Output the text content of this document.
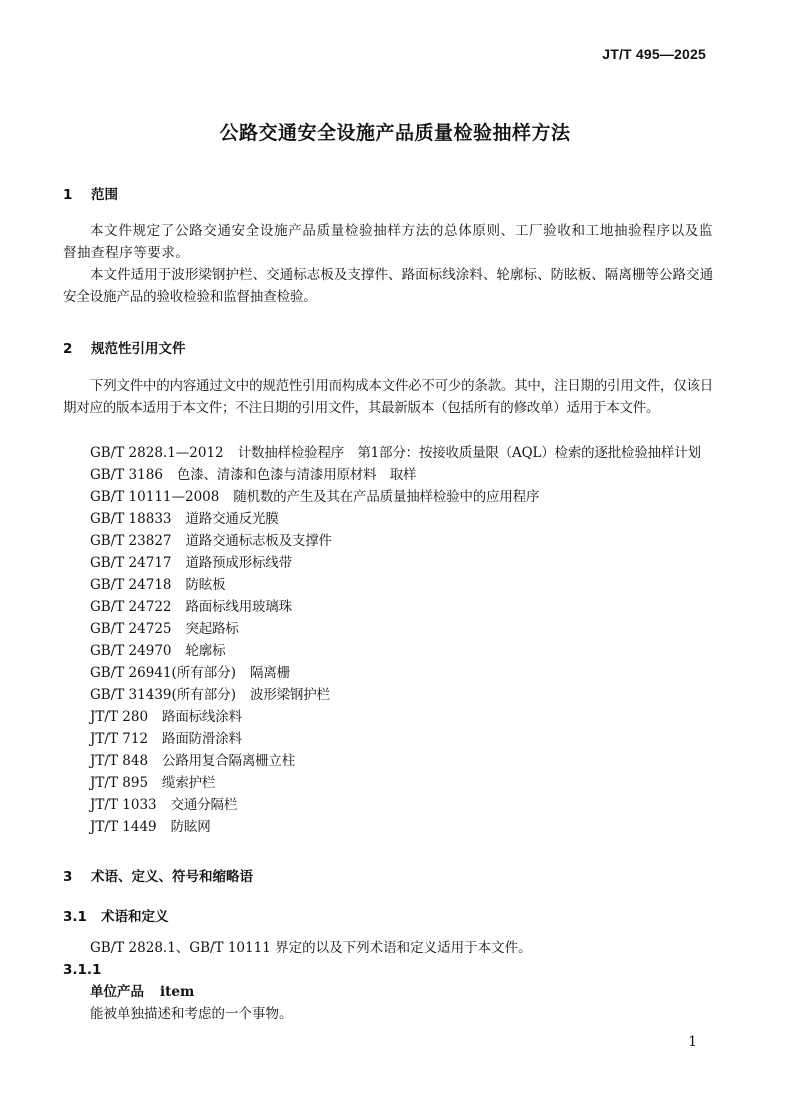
JT/T 495—2025
公路交通安全设施产品质量检验抽样方法
1 范围

本文件规定了公路交通安全设施产品质量检验抽样方法的总体原则、工厂验收和工地抽验程序以及监督抽查程序等要求。

本文件适用于波形梁钢护栏、交通标志板及支撑件、路面标线涂料、轮廓标、防眩板、隔离栅等公路交通安全设施产品的验收检验和监督抽查检验。

2 规范性引用文件

下列文件中的内容通过文中的规范性引用而构成本文件必不可少的条款。其中，注日期的引用文件，仅该日期对应的版本适用于本文件；不注日期的引用文件，其最新版本（包括所有的修改单）适用于本文件。

GB/T 2828.1—2012 计数抽样检验程序　第1部分：按接收质量限（AQL）检索的逐批检验抽样计划
GB/T 3186 色漆、清漆和色漆与清漆用原材料　取样
GB/T 10111—2008 随机数的产生及其在产品质量抽样检验中的应用程序
GB/T 18833 道路交通反光膜
GB/T 23827 道路交通标志板及支撑件
GB/T 24717 道路预成形标线带
GB/T 24718 防眩板
GB/T 24722 路面标线用玻璃珠
GB/T 24725 突起路标
GB/T 24970 轮廓标
GB/T 26941(所有部分) 隔离栅
GB/T 31439(所有部分) 波形梁钢护栏
JT/T 280 路面标线涂料
JT/T 712 路面防滑涂料
JT/T 848 公路用复合隔离栅立柱
JT/T 895 缆索护栏
JT/T 1033 交通分隔栏
JT/T 1449 防眩网
3 术语、定义、符号和缩略语
3.1 术语和定义
GB/T 2828.1、GB/T 10111 界定的以及下列术语和定义适用于本文件。
3.1.1
单位产品 item
能被单独描述和考虑的一个事物。
1
